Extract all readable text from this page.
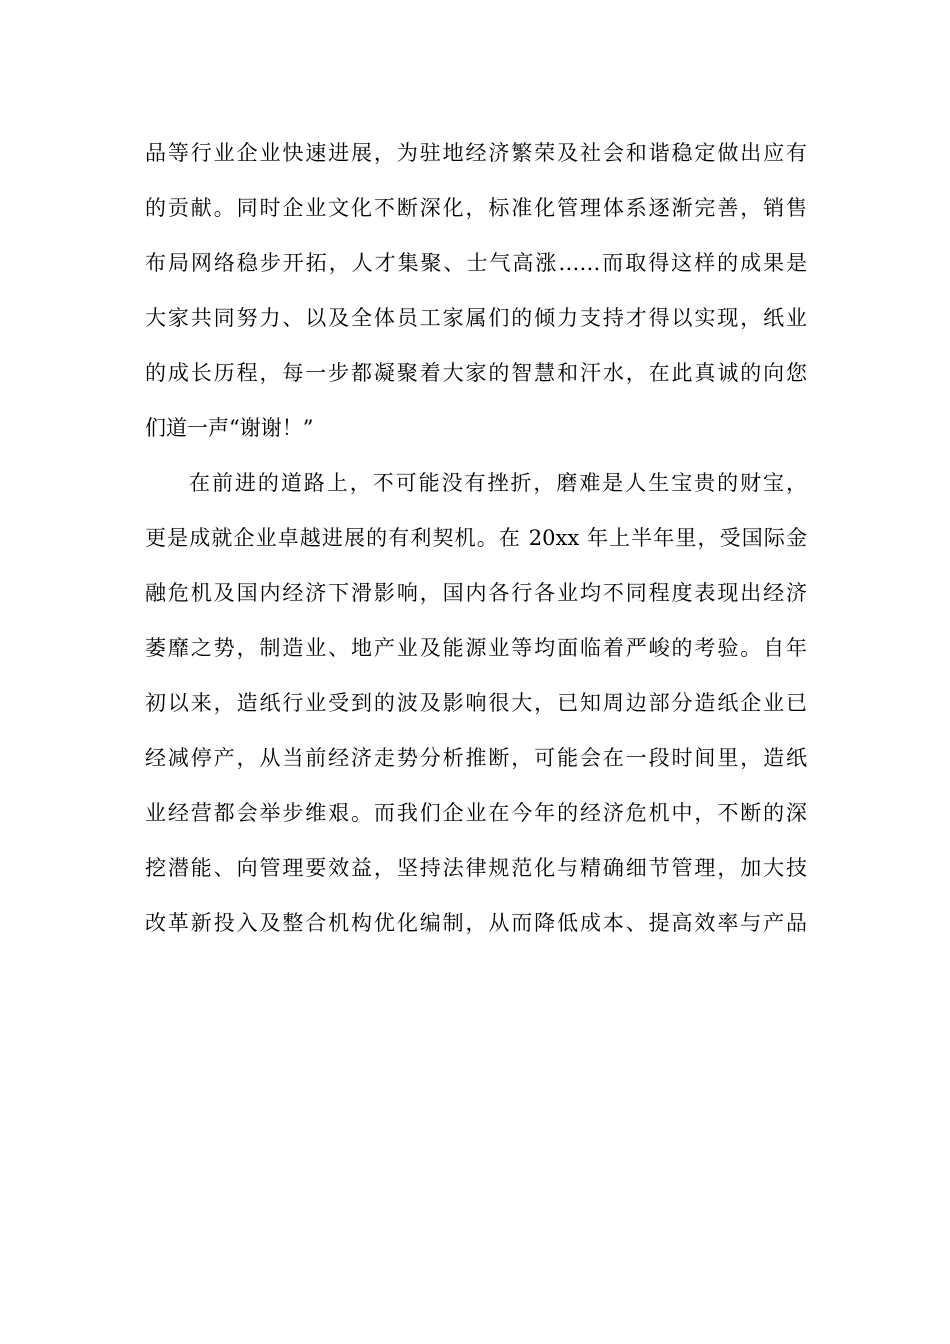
品等行业企业快速进展，为驻地经济繁荣及社会和谐稳定做出应有
的贡献。同时企业文化不断深化，标准化管理体系逐渐完善，销售
布局网络稳步开拓，人才集聚、士气高涨……而取得这样的成果是
大家共同努力、以及全体员工家属们的倾力支持才得以实现，纸业
的成长历程，每一步都凝聚着大家的智慧和汗水，在此真诚的向您
们道一声“谢谢！”
在前进的道路上，不可能没有挫折，磨难是人生宝贵的财宝，
更是成就企业卓越进展的有利契机。在 20xx 年上半年里，受国际金
融危机及国内经济下滑影响，国内各行各业均不同程度表现出经济
萎靡之势，制造业、地产业及能源业等均面临着严峻的考验。自年
初以来，造纸行业受到的波及影响很大，已知周边部分造纸企业已
经减停产，从当前经济走势分析推断，可能会在一段时间里，造纸
业经营都会举步维艰。而我们企业在今年的经济危机中，不断的深
挖潜能、向管理要效益，坚持法律规范化与精确细节管理，加大技
改革新投入及整合机构优化编制，从而降低成本、提高效率与产品
